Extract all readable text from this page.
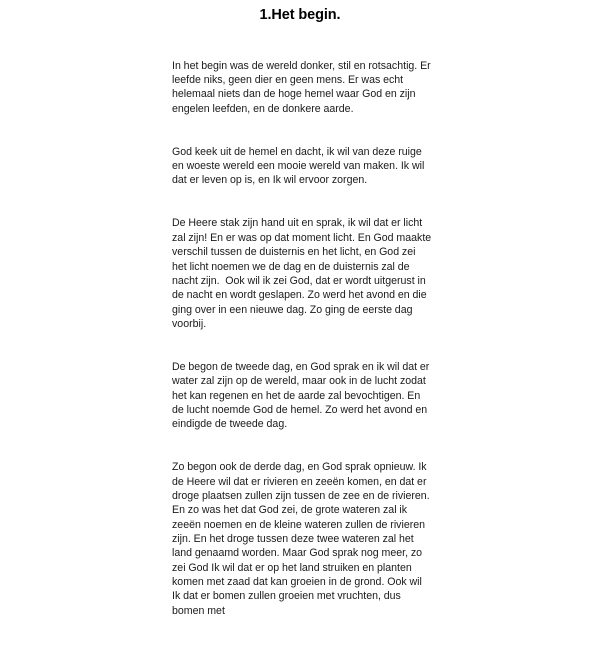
1.Het begin.

In het begin was de wereld donker, stil en rotsachtig. Er leefde niks, geen dier en geen mens. Er was echt helemaal niets dan de hoge hemel waar God en zijn engelen leefden, en de donkere aarde.

God keek uit de hemel en dacht, ik wil van deze ruige en woeste wereld een mooie wereld van maken. Ik wil dat er leven op is, en Ik wil ervoor zorgen.

De Heere stak zijn hand uit en sprak, ik wil dat er licht zal zijn! En er was op dat moment licht. En God maakte verschil tussen de duisternis en het licht, en God zei het licht noemen we de dag en de duisternis zal de nacht zijn.  Ook wil ik zei God, dat er wordt uitgerust in de nacht en wordt geslapen. Zo werd het avond en die ging over in een nieuwe dag. Zo ging de eerste dag voorbij.

De begon de tweede dag, en God sprak en ik wil dat er water zal zijn op de wereld, maar ook in de lucht zodat het kan regenen en het de aarde zal bevochtigen. En de lucht noemde God de hemel. Zo werd het avond en eindigde de tweede dag.

Zo begon ook de derde dag, en God sprak opnieuw. Ik de Heere wil dat er rivieren en zeeën komen, en dat er droge plaatsen zullen zijn tussen de zee en de rivieren. En zo was het dat God zei, de grote wateren zal ik zeeën noemen en de kleine wateren zullen de rivieren zijn. En het droge tussen deze twee wateren zal het land genaamd worden. Maar God sprak nog meer, zo zei God Ik wil dat er op het land struiken en planten komen met zaad dat kan groeien in de grond. Ook wil Ik dat er bomen zullen groeien met vruchten, dus bomen met
